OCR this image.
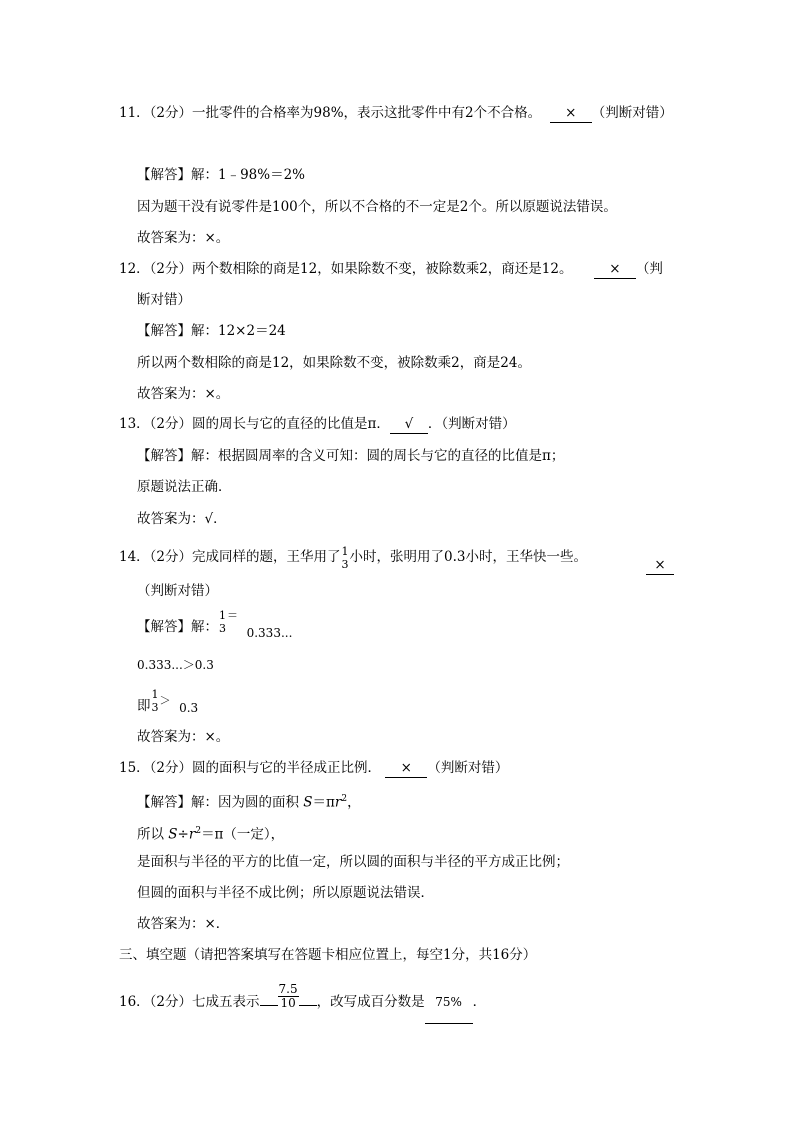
11．（2分）一批零件的合格率为98%，表示这批零件中有2个不合格。 × （判断对错）
【解答】解：1﹣98%＝2%
因为题干没有说零件是100个，所以不合格的不一定是2个。所以原题说法错误。
故答案为：×。
12．（2分）两个数相除的商是12，如果除数不变，被除数乘2，商还是12。	× （判
断对错）
【解答】解：12×2＝24
所以两个数相除的商是12，如果除数不变，被除数乘2，商是24。
故答案为：×。
13．（2分）圆的周长与它的直径的比值是π． √ ．（判断对错）
【解答】解：根据圆周率的含义可知：圆的周长与它的直径的比值是π；
原题说法正确．
故答案为：√．
14．（2分）完成同样的题，王华用了 1
3 小时，张明用了0.3小时，王华快一些。	×
（判断对错）
【解答】解：
1
3
＝  0.333...
0.333...＞0.3
即
1
3 ＞  0.3
故答案为：×。
15．（2分）圆的面积与它的半径成正比例． × （判断对错）
【解答】解：因为圆的面积 $S=\pi r^2$，
所以 $S\div r^2=\pi$（一定），
是面积与半径的平方的比值一定，所以圆的面积与半径的平方成正比例；
但圆的面积与半径不成比例；所以原题说法错误．
故答案为：×．
三、填空题（请把答案填写在答题卡相应位置上，每空1分，共16分）
16．（2分）七成五表示 $\frac{7.5}{10}$ ，改写成百分数是 75% ．
